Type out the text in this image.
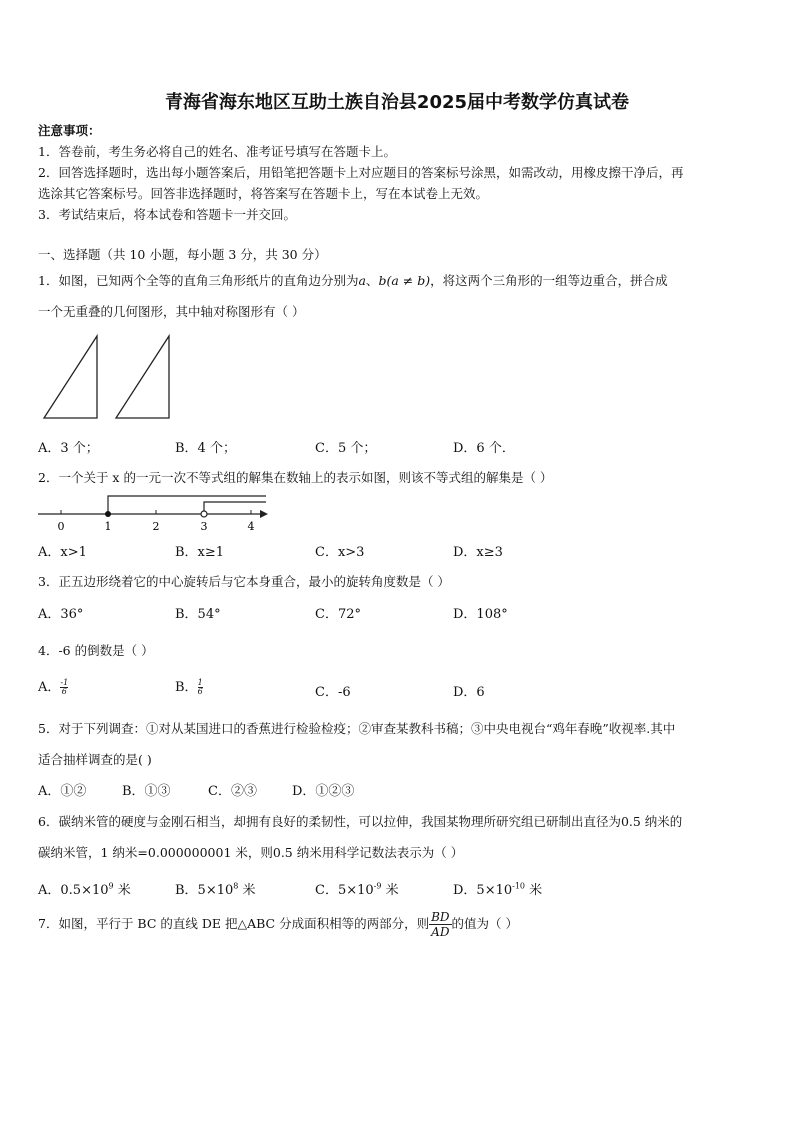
青海省海东地区互助土族自治县2025届中考数学仿真试卷
注意事项：
1．答卷前，考生务必将自己的姓名、准考证号填写在答题卡上。
2．回答选择题时，选出每小题答案后，用铅笔把答题卡上对应题目的答案标号涂黑，如需改动，用橡皮擦干净后，再
选涂其它答案标号。回答非选择题时，将答案写在答题卡上，写在本试卷上无效。
3．考试结束后，将本试卷和答题卡一并交回。
一、选择题（共 10 小题，每小题 3 分，共 30 分）
1．如图，已知两个全等的直角三角形纸片的直角边分别为a、b(a ≠ b)，将这两个三角形的一组等边重合，拼合成
一个无重叠的几何图形，其中轴对称图形有（ ）
A．3 个；	B．4 个；	C．5 个；	D．6 个．
2．一个关于 x 的一元一次不等式组的解集在数轴上的表示如图，则该不等式组的解集是（ ）
0	1	2	3	4
A．x>1	B．x≥1	C．x>3	D．x≥3
3．正五边形绕着它的中心旋转后与它本身重合，最小的旋转角度数是（ ）
A．36°	B．54°	C．72°	D．108°
4．-6 的倒数是（ ）
A． $\frac{-1}{6}$	B． $\frac{1}{6}$	C．-6	D．6
5．对于下列调查：①对从某国进口的香蕉进行检验检疫；②审查某教科书稿；③中央电视台“鸡年春晚”收视率.其中
适合抽样调查的是( )
A．①②	B．①③	C．②③	D．①②③
6．碳纳米管的硬度与金刚石相当，却拥有良好的柔韧性，可以拉伸，我国某物理所研究组已研制出直径为0.5 纳米的
碳纳米管，1 纳米=0.000000001 米，则0.5 纳米用科学记数法表示为（ ）
A．$0.5\times 10^9$ 米	B．$5\times 10^8$ 米	C．$5\times 10^{-9}$ 米	D．$5\times 10^{-10}$ 米
7．如图，平行于 BC 的直线 DE 把△ABC 分成面积相等的两部分，则 $\frac{BD}{AD}$ 的值为（ ）
